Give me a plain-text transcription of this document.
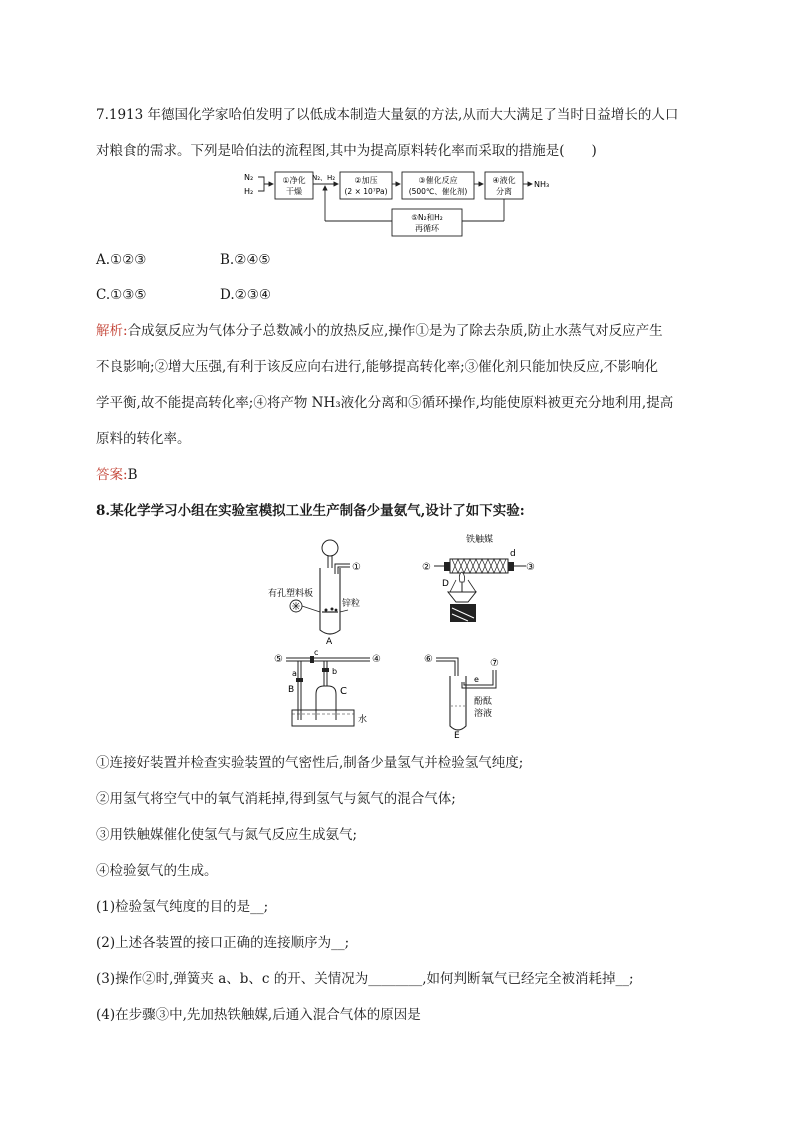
7.1913 年德国化学家哈伯发明了以低成本制造大量氨的方法,从而大大满足了当时日益增长的人口
对粮食的需求。下列是哈伯法的流程图,其中为提高原料转化率而采取的措施是(　　)
N₂
H₂
①净化
干燥
N₂、H₂ ②加压
(2 × 10⁷Pa)
③催化反应
(500℃、催化剂)
④液化
分离
NH₃
⑤N₂和H₂
再循环
A.①②③	B.②④⑤
C.①③⑤	D.②③④
解析:合成氨反应为气体分子总数减小的放热反应,操作①是为了除去杂质,防止水蒸气对反应产生
不良影响;②增大压强,有利于该反应向右进行,能够提高转化率;③催化剂只能加快反应,不影响化
学平衡,故不能提高转化率;④将产物 NH₃液化分离和⑤循环操作,均能使原料被更充分地利用,提高
原料的转化率。
答案:B
8.某化学学习小组在实验室模拟工业生产制备少量氨气,设计了如下实验:
①
有孔塑料板
锌粒
A
铁触媒
②
d
③
D
⑤	④
c
a
B
b
C
水
⑥	⑦
e
酚酞
溶液
E
①连接好装置并检查实验装置的气密性后,制备少量氢气并检验氢气纯度;
②用氢气将空气中的氧气消耗掉,得到氢气与氮气的混合气体;
③用铁触媒催化使氢气与氮气反应生成氨气;
④检验氨气的生成。
(1)检验氢气纯度的目的是__;
(2)上述各装置的接口正确的连接顺序为__;
(3)操作②时,弹簧夹 a、b、c 的开、关情况为________,如何判断氧气已经完全被消耗掉__;
(4)在步骤③中,先加热铁触媒,后通入混合气体的原因是
